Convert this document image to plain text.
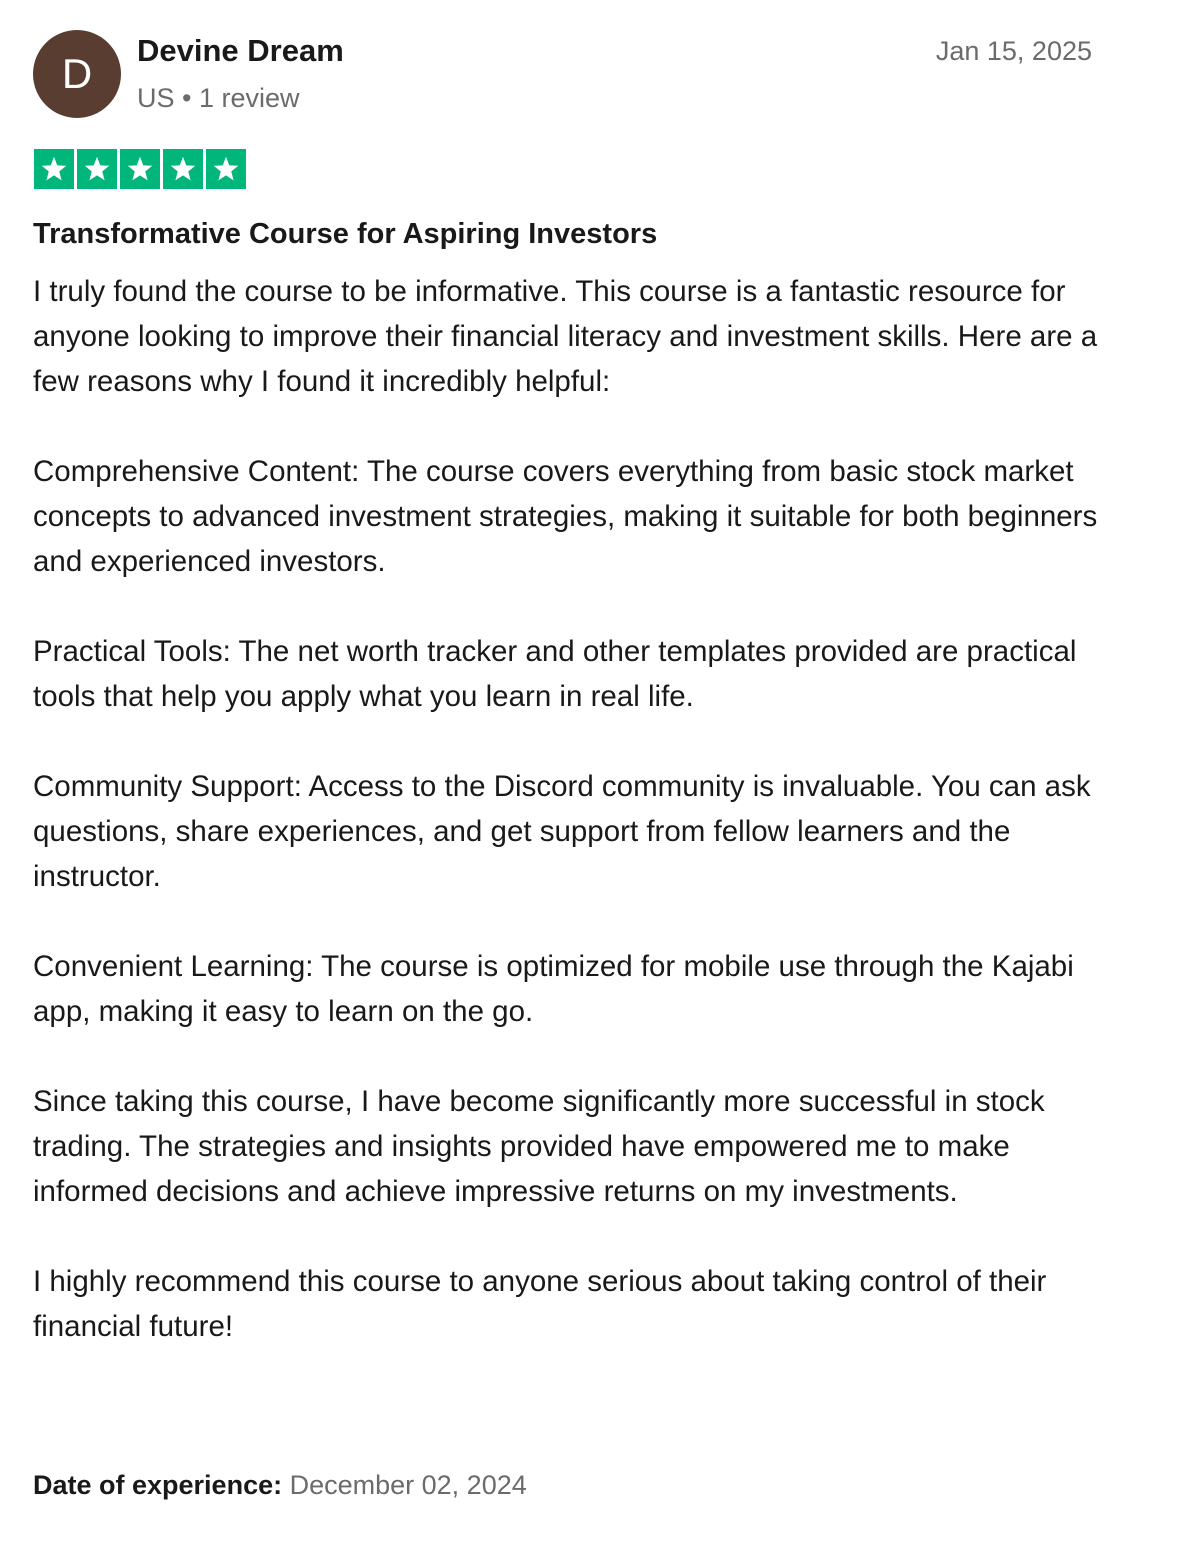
D	Devine Dream
US • 1 review
Jan 15, 2025
Transformative Course for Aspiring Investors

I truly found the course to be informative. This course is a fantastic resource for anyone looking to improve their financial literacy and investment skills. Here are a few reasons why I found it incredibly helpful:

Comprehensive Content: The course covers everything from basic stock market concepts to advanced investment strategies, making it suitable for both beginners and experienced investors.

Practical Tools: The net worth tracker and other templates provided are practical tools that help you apply what you learn in real life.

Community Support: Access to the Discord community is invaluable. You can ask questions, share experiences, and get support from fellow learners and the instructor.

Convenient Learning: The course is optimized for mobile use through the Kajabi app, making it easy to learn on the go.

Since taking this course, I have become significantly more successful in stock trading. The strategies and insights provided have empowered me to make informed decisions and achieve impressive returns on my investments.

I highly recommend this course to anyone serious about taking control of their financial future!

Date of experience: December 02, 2024
